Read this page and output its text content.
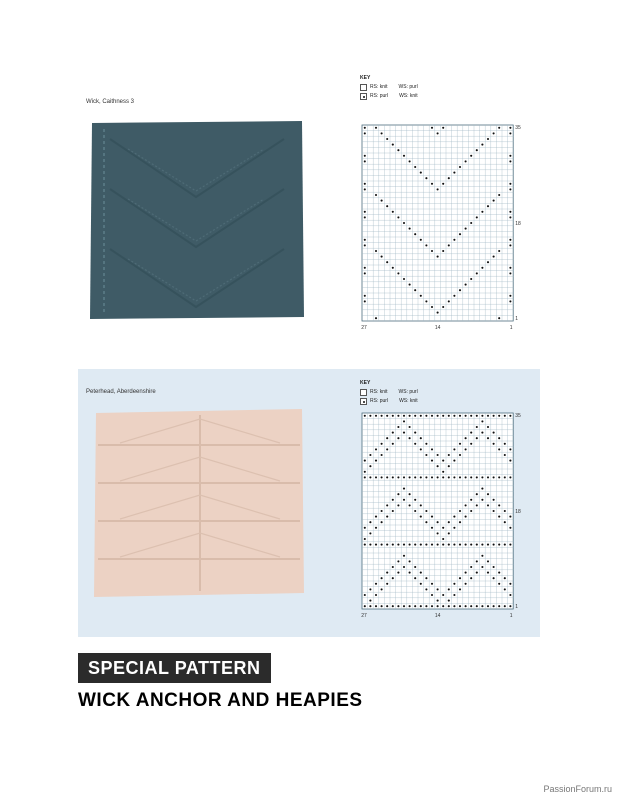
Wick, Caithness 3
KEY
RS: knit WS: purl
RS: purl WS: knit
35
18
1
27	14	1
Peterhead, Aberdeenshire
KEY
RS: knit WS: purl
RS: purl WS: knit
35
18
1
27	14	1
SPECIAL PATTERN
WICK ANCHOR AND HEAPIES
PassionForum.ru
